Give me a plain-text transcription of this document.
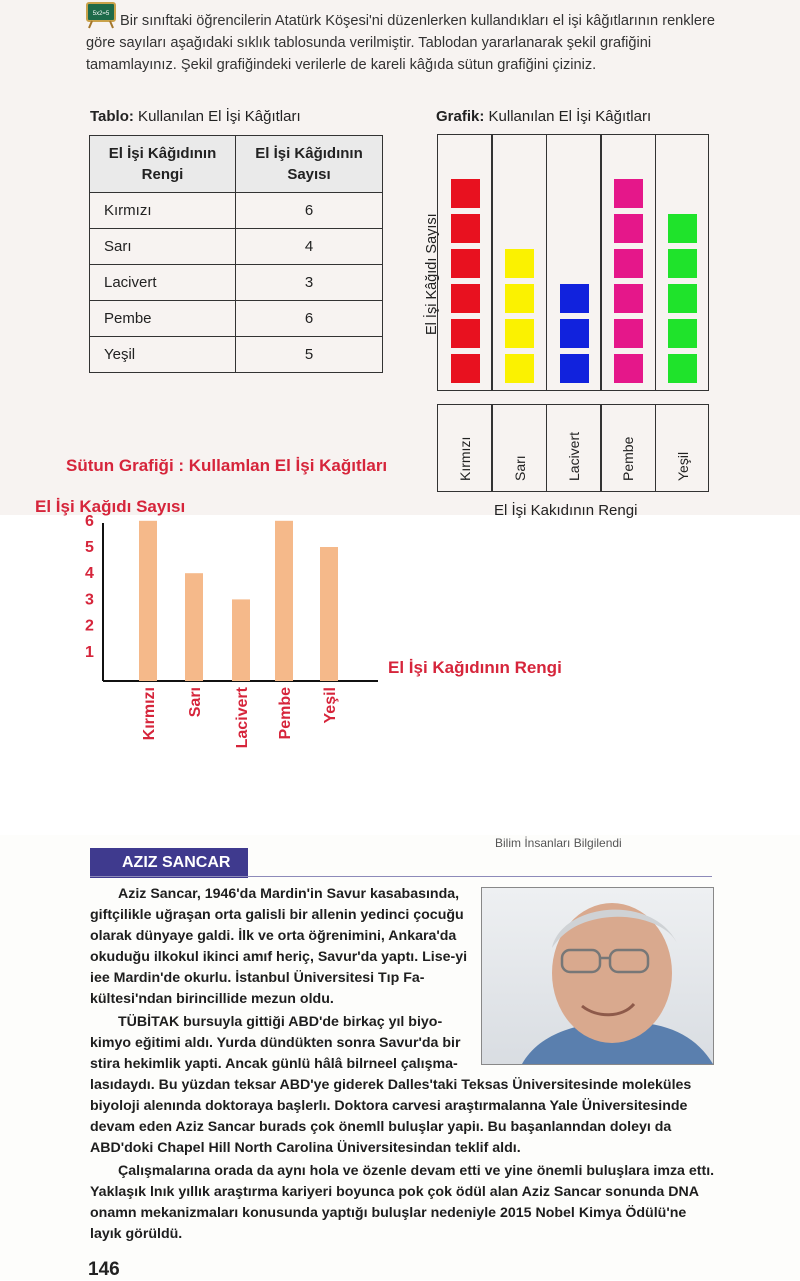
5x2=5 Bir sınıftaki öğrencilerin Atatürk Köşesi'ni düzenlerken kullandıkları el işi kâğıtlarının renklere göre sayıları aşağıdaki sıklık tablosunda verilmiştir. Tablodan yararlanarak şekil grafiğini tamamlayınız. Şekil grafiğindeki verilerle de kareli kâğıda sütun grafiğini çiziniz.
Tablo: Kullanılan El İşi Kâğıtları
El İşi Kâğıdının Rengi	El İşi Kâğıdının Sayısı
Kırmızı	6
Sarı	4
Lacivert	3
Pembe	6
Yeşil	5
Grafik: Kullanılan El İşi Kâğıtları
El İşi Kâğıdı Sayısı
Kırmızı	Sarı	Lacivert	Pembe	Yeşil
El İşi Kakıdının Rengi
Sütun Grafiği : Kullamlan El İşi Kağıtları
El İşi Kağıdı Sayısı
El İşi Kağıdının Rengi
1
2
3
4
5
6
Kırmızı Sarı Lacivert Pembe Yeşil
AZIZ SANCAR

Aziz Sancar, 1946'da Mardin'in Savur kasabasında, giftçilikle uğraşan orta galisli bir allenin yedinci çocuğu olarak dünyaye galdi. İlk ve orta öğrenimini, Ankara'da okuduğu ilkokul ikinci amıf heriç, Savur'da yaptı. Lise-yi iee Mardin'de okurlu. İstanbul Üniversitesi Tıp Fa-kültesi'ndan birincillide mezun oldu.

TÜBİTAK bursuyla gittiği ABD'de birkaç yıl biyo-kimyo eğitimi aldı. Yurda dündükten sonra Savur'da bir stira hekimlik yapti. Ancak günlü hâlâ bilrneel çalışma-lasıdaydı. Bu yüzdan teksar ABD'ye giderek Dalles'taki Teksas Üniversitesinde moleküles biyoloji alenında doktoraya başlerlı. Doktora carvesi araştırmalanna Yale Üniversitesinde devam eden Aziz Sancar burads çok önemll buluşlar yapiı. Bu başanlanndan doleyı da ABD'doki Chapel Hill North Carolina Üniversitesindan teklif aldı.

Çalışmalarına orada da aynı hola ve özenle devam etti ve yine önemli buluşlara imza ettı. Yaklaşık lnık yıllık araştırma kariyeri boyunca pok çok ödül alan Aziz Sancar sonunda DNA onamn mekanizmaları konusunda yaptığı buluşlar nedeniyle 2015 Nobel Kimya Ödülü'ne layık görüldü.

146
